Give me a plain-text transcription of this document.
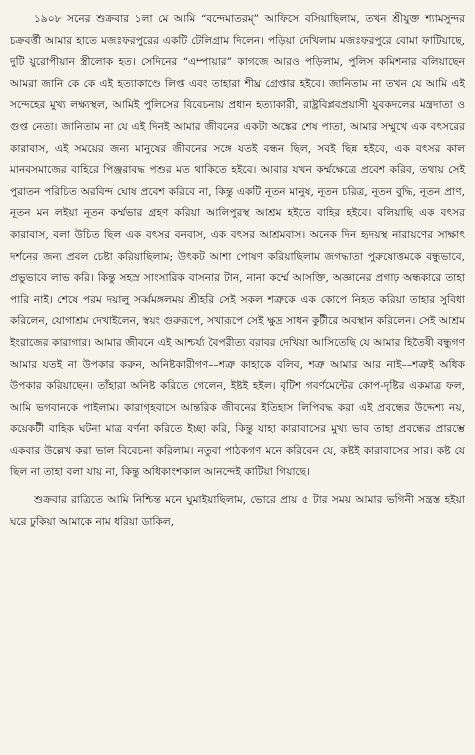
১৯০৮ সনের শুক্রবার ১লা মে আমি “বন্দেমাতরম্” আফিসে বসিয়াছিলাম, তখন শ্রীযুক্ত শ্যামসুন্দর চক্রবর্ত্তী আমার হাতে মজঃফরপুরের একটি টেলিগ্রাম দিলেন। পড়িয়া দেখিলাম মজঃফরপুরে বোমা ফাটিয়াছে, দুটি য়ুরোপীয়ান স্ত্রীলোক হত। সেদিনের “এম্পায়ার” কাগজে আরও পড়িলাম, পুলিস কমিশনার বলিয়াছেন আমরা জানি কে কে এই হত্যাকাণ্ডে লিপ্ত এবং তাহারা শীঘ্র গ্রেপ্তার হইবে। জানিতাম না তখন যে আমি এই সন্দেহের মুখ্য লক্ষ্যস্থল, আমিই পুলিসের বিবেচনায় প্রধান হত্যাকারী, রাষ্ট্রবিপ্লবপ্রয়াসী যুবকদলের মন্ত্রদাতা ও গুপ্ত নেতা। জানিতাম না যে এই দিনই আমার জীবনের একটা অঙ্কের শেষ পাতা, আমার সম্মুখে এক বৎসরের কারাবাস, এই সময়ের জন্য মানুষের জীবনের সঙ্গে যতই বন্ধন ছিল, সবই ছিন্ন হইবে, এক বৎসর কাল মানবসমাজের বাহিরে পিঞ্জরাবদ্ধ পশুর মত থাকিতে হইবে। আবার যখন কর্ম্মক্ষেত্রে প্রবেশ করিব, তথায় সেই পুরাতন পরিচিত অরবিন্দ ঘোষ প্রবেশ করিবে না, কিন্তু একটি নূতন মানুষ, নূতন চরিত্র, নূতন বুদ্ধি, নূতন প্রাণ, নূতন মন লইয়া নূতন কর্ম্মভার গ্রহণ করিয়া আলিপুরস্থ আশ্রম হইতে বাহির হইবে। বলিয়াছি এক বৎসর কারাবাস, বলা উচিত ছিল এক বৎসর বনবাস, এক বৎসর আশ্রমবাস। অনেক দিন হৃদয়স্থ নারায়ণের সাক্ষাৎ দর্শনের জন্য প্রবল চেষ্টা করিয়াছিলাম; উৎকট আশা পোষণ করিয়াছিলাম জগদ্ধাতা পুরুষোত্তমকে বন্ধুভাবে, প্রভুভাবে লাভ করি। কিন্তু সহস্র সাংসারিক বাসনার টান, নানা কর্ম্মে আসক্তি, অজ্ঞানের প্রগাঢ় অন্ধকারে তাহা পারি নাই। শেষে পরম দয়ালু সর্ব্বমঙ্গলময় শ্রীহরি সেই সকল শত্রুকে এক কোপে নিহত করিয়া তাহার সুবিধা করিলেন, যোগাশ্রম দেখাইলেন, স্বয়ং গুরুরূপে, সখারূপে সেই ক্ষুদ্র সাধন কুটীরে অবস্থান করিলেন। সেই আশ্রম ইংরাজের কারাগার। আমার জীবনে এই আশ্চর্য্য বৈপরীত্য বরাবর দেখিয়া আসিতেছি যে আমার হিতৈষী বন্ধুগণ আমার যতই না উপকার করুন, অনিষ্টকারীগণ––শত্রু কাহাকে বলিব, শত্রু আমার আর নাই––শত্রুই অধিক উপকার করিয়াছেন। তাঁহারা অনিষ্ট করিতে গেলেন, ইষ্টই হইল। বৃটিশ গবর্ণমেন্টের কোপ-দৃষ্টির একমাত্র ফল, আমি ভগবানকে পাইলাম। কারাগৃহবাসে আন্তরিক জীবনের ইতিহাস লিপিবদ্ধ করা এই প্রবন্ধের উদ্দেশ্য নয়, কয়েকটী বাহিক ঘটনা মাত্র বর্ণনা করিতে ইচ্ছা করি, কিন্তু যাহা কারাবাসের মুখ্য ভাব তাহা প্রবন্ধের প্রারম্ভে একবার উল্লেখ করা ভাল বিবেচনা করিলাম। নতুবা পাঠকগণ মনে করিবেন যে, কষ্টই কারাবাসের সার। কষ্ট যে ছিল না তাহা বলা যায় না, কিন্তু অধিকাংশকাল আনন্দেই কাটিয়া গিয়াছে।

শুক্রবার রাত্রিতে আমি নিশ্চিন্ত মনে ঘুমাইয়াছিলাম, ভোরে প্রায় ৫ টার সময় আমার ভগিনী সন্ত্রস্ত হইয়া ঘরে ঢুকিয়া আমাকে নাম ধরিয়া ডাকিল,
